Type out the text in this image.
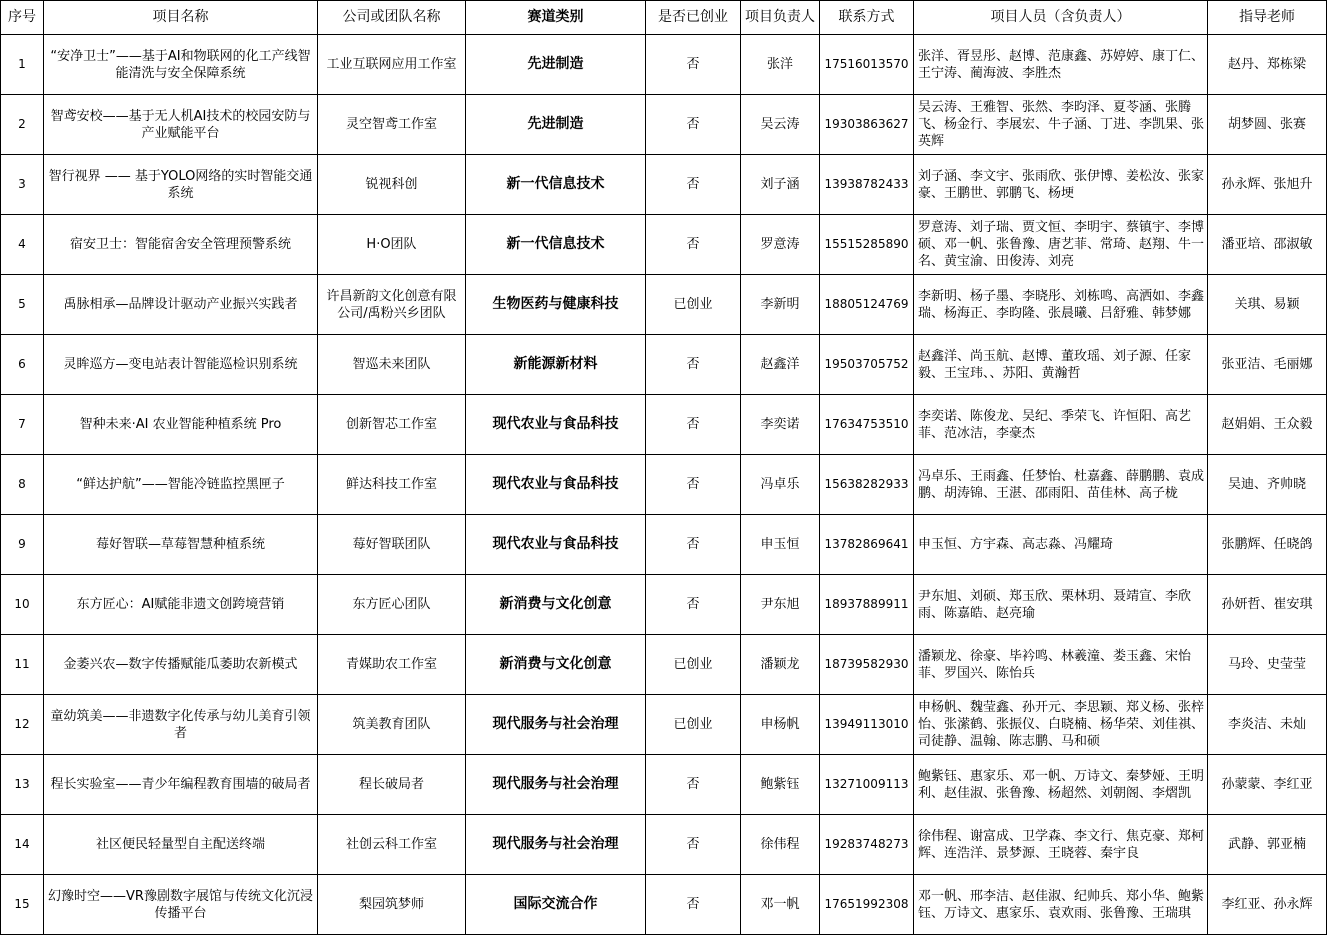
序号	项目名称	公司或团队名称	赛道类别	是否已创业	项目负责人	联系方式	项目人员（含负责人）	指导老师
1	“安净卫士”——基于AI和物联网的化工产线智能清洗与安全保障系统	工业互联网应用工作室	先进制造	否	张洋	17516013570	张洋、胥昱彤、赵博、范康鑫、苏婷婷、康丁仁、王宁涛、蔺海波、李胜杰	赵丹、郑栋梁
2	智鸢安校——基于无人机AI技术的校园安防与产业赋能平台	灵空智鸢工作室	先进制造	否	吴云涛	19303863627	吴云涛、王雅智、张然、李昀泽、夏苓涵、张腾飞、杨金行、李展宏、牛子涵、丁进、李凯果、张英辉	胡梦圆、张赛
3	智行视界 —— 基于YOLO网络的实时智能交通系统	锐视科创	新一代信息技术	否	刘子涵	13938782433	刘子涵、李文宇、张雨欣、张伊博、姜松汝、张家豪、王鹏世、郭鹏飞、杨埂	孙永辉、张旭升
4	宿安卫士：智能宿舍安全管理预警系统	H·O团队	新一代信息技术	否	罗意涛	15515285890	罗意涛、刘子瑞、贾文恒、李明宇、蔡镇宇、李博硕、邓一帆、张鲁豫、唐艺菲、常琦、赵翔、牛一名、黄宝渝、田俊涛、刘亮	潘亚培、邵淑敏
5	禹脉相承—品牌设计驱动产业振兴实践者	许昌新韵文化创意有限公司/禹粉兴乡团队	生物医药与健康科技	已创业	李新明	18805124769	李新明、杨子墨、李晓彤、刘栋鸣、高洒如、李鑫瑞、杨海正、李昀隆、张晨曦、吕舒雅、韩梦娜	关琪、易颖
6	灵眸巡方—变电站表计智能巡检识别系统	智巡未来团队	新能源新材料	否	赵鑫洋	19503705752	赵鑫洋、尚玉航、赵博、董玫瑶、刘子源、任家毅、王宝玮、、苏阳、黄瀚哲	张亚洁、毛丽娜
7	智种未来·AI 农业智能种植系统 Pro	创新智芯工作室	现代农业与食品科技	否	李奕诺	17634753510	李奕诺、陈俊龙、吴纪、季荣飞、许恒阳、高艺菲、范冰洁，李豪杰	赵娟娟、王众毅
8	“鲜达护航”——智能冷链监控黑匣子	鲜达科技工作室	现代农业与食品科技	否	冯卓乐	15638282933	冯卓乐、王雨鑫、任梦怡、杜嘉鑫、薛鹏鹏、袁成鹏、胡涛锦、王湛、邵雨阳、苗佳林、高子栊	吴迪、齐帅晓
9	莓好智联—草莓智慧种植系统	莓好智联团队	现代农业与食品科技	否	申玉恒	13782869641	申玉恒、方宇森、高志淼、冯耀琦	张鹏辉、任晓鸽
10	东方匠心：AI赋能非遗文创跨境营销	东方匠心团队	新消费与文化创意	否	尹东旭	18937889911	尹东旭、刘硕、郑玉欣、栗林玥、聂靖宣、李欣雨、陈嘉皓、赵亮瑜	孙妍哲、崔安琪
11	金萎兴农—数字传播赋能瓜萎助农新模式	青媒助农工作室	新消费与文化创意	已创业	潘颖龙	18739582930	潘颖龙、徐豪、毕衿鸣、林羲潼、娄玉鑫、宋怡菲、罗国兴、陈怡兵	马玲、史莹莹
12	童幼筑美——非遗数字化传承与幼儿美育引领者	筑美教育团队	现代服务与社会治理	已创业	申杨帆	13949113010	申杨帆、魏莹鑫、孙开元、李思颖、郑义杨、张梓怡、张潆鹤、张振仪、白晓楠、杨华荣、刘佳祺、司徒静、温翰、陈志鹏、马和硕	李炎洁、未灿
13	程长实验室——青少年编程教育围墙的破局者	程长破局者	现代服务与社会治理	否	鲍紫钰	13271009113	鲍紫钰、惠家乐、邓一帆、万诗文、秦梦娅、王明利、赵佳淑、张鲁豫、杨超然、刘朝阁、李熠凯	孙蒙蒙、李红亚
14	社区便民轻量型自主配送终端	社创云科工作室	现代服务与社会治理	否	徐伟程	19283748273	徐伟程、谢富成、卫学森、李文行、焦克豪、郑柯辉、连浩洋、景梦源、王晓蓉、秦宇良	武静、郭亚楠
15	幻豫时空——VR豫剧数字展馆与传统文化沉浸传播平台	梨园筑梦师	国际交流合作	否	邓一帆	17651992308	邓一帆、邢李洁、赵佳淑、纪帅兵、郑小华、鲍紫钰、万诗文、惠家乐、袁欢雨、张鲁豫、王瑞琪	李红亚、孙永辉
